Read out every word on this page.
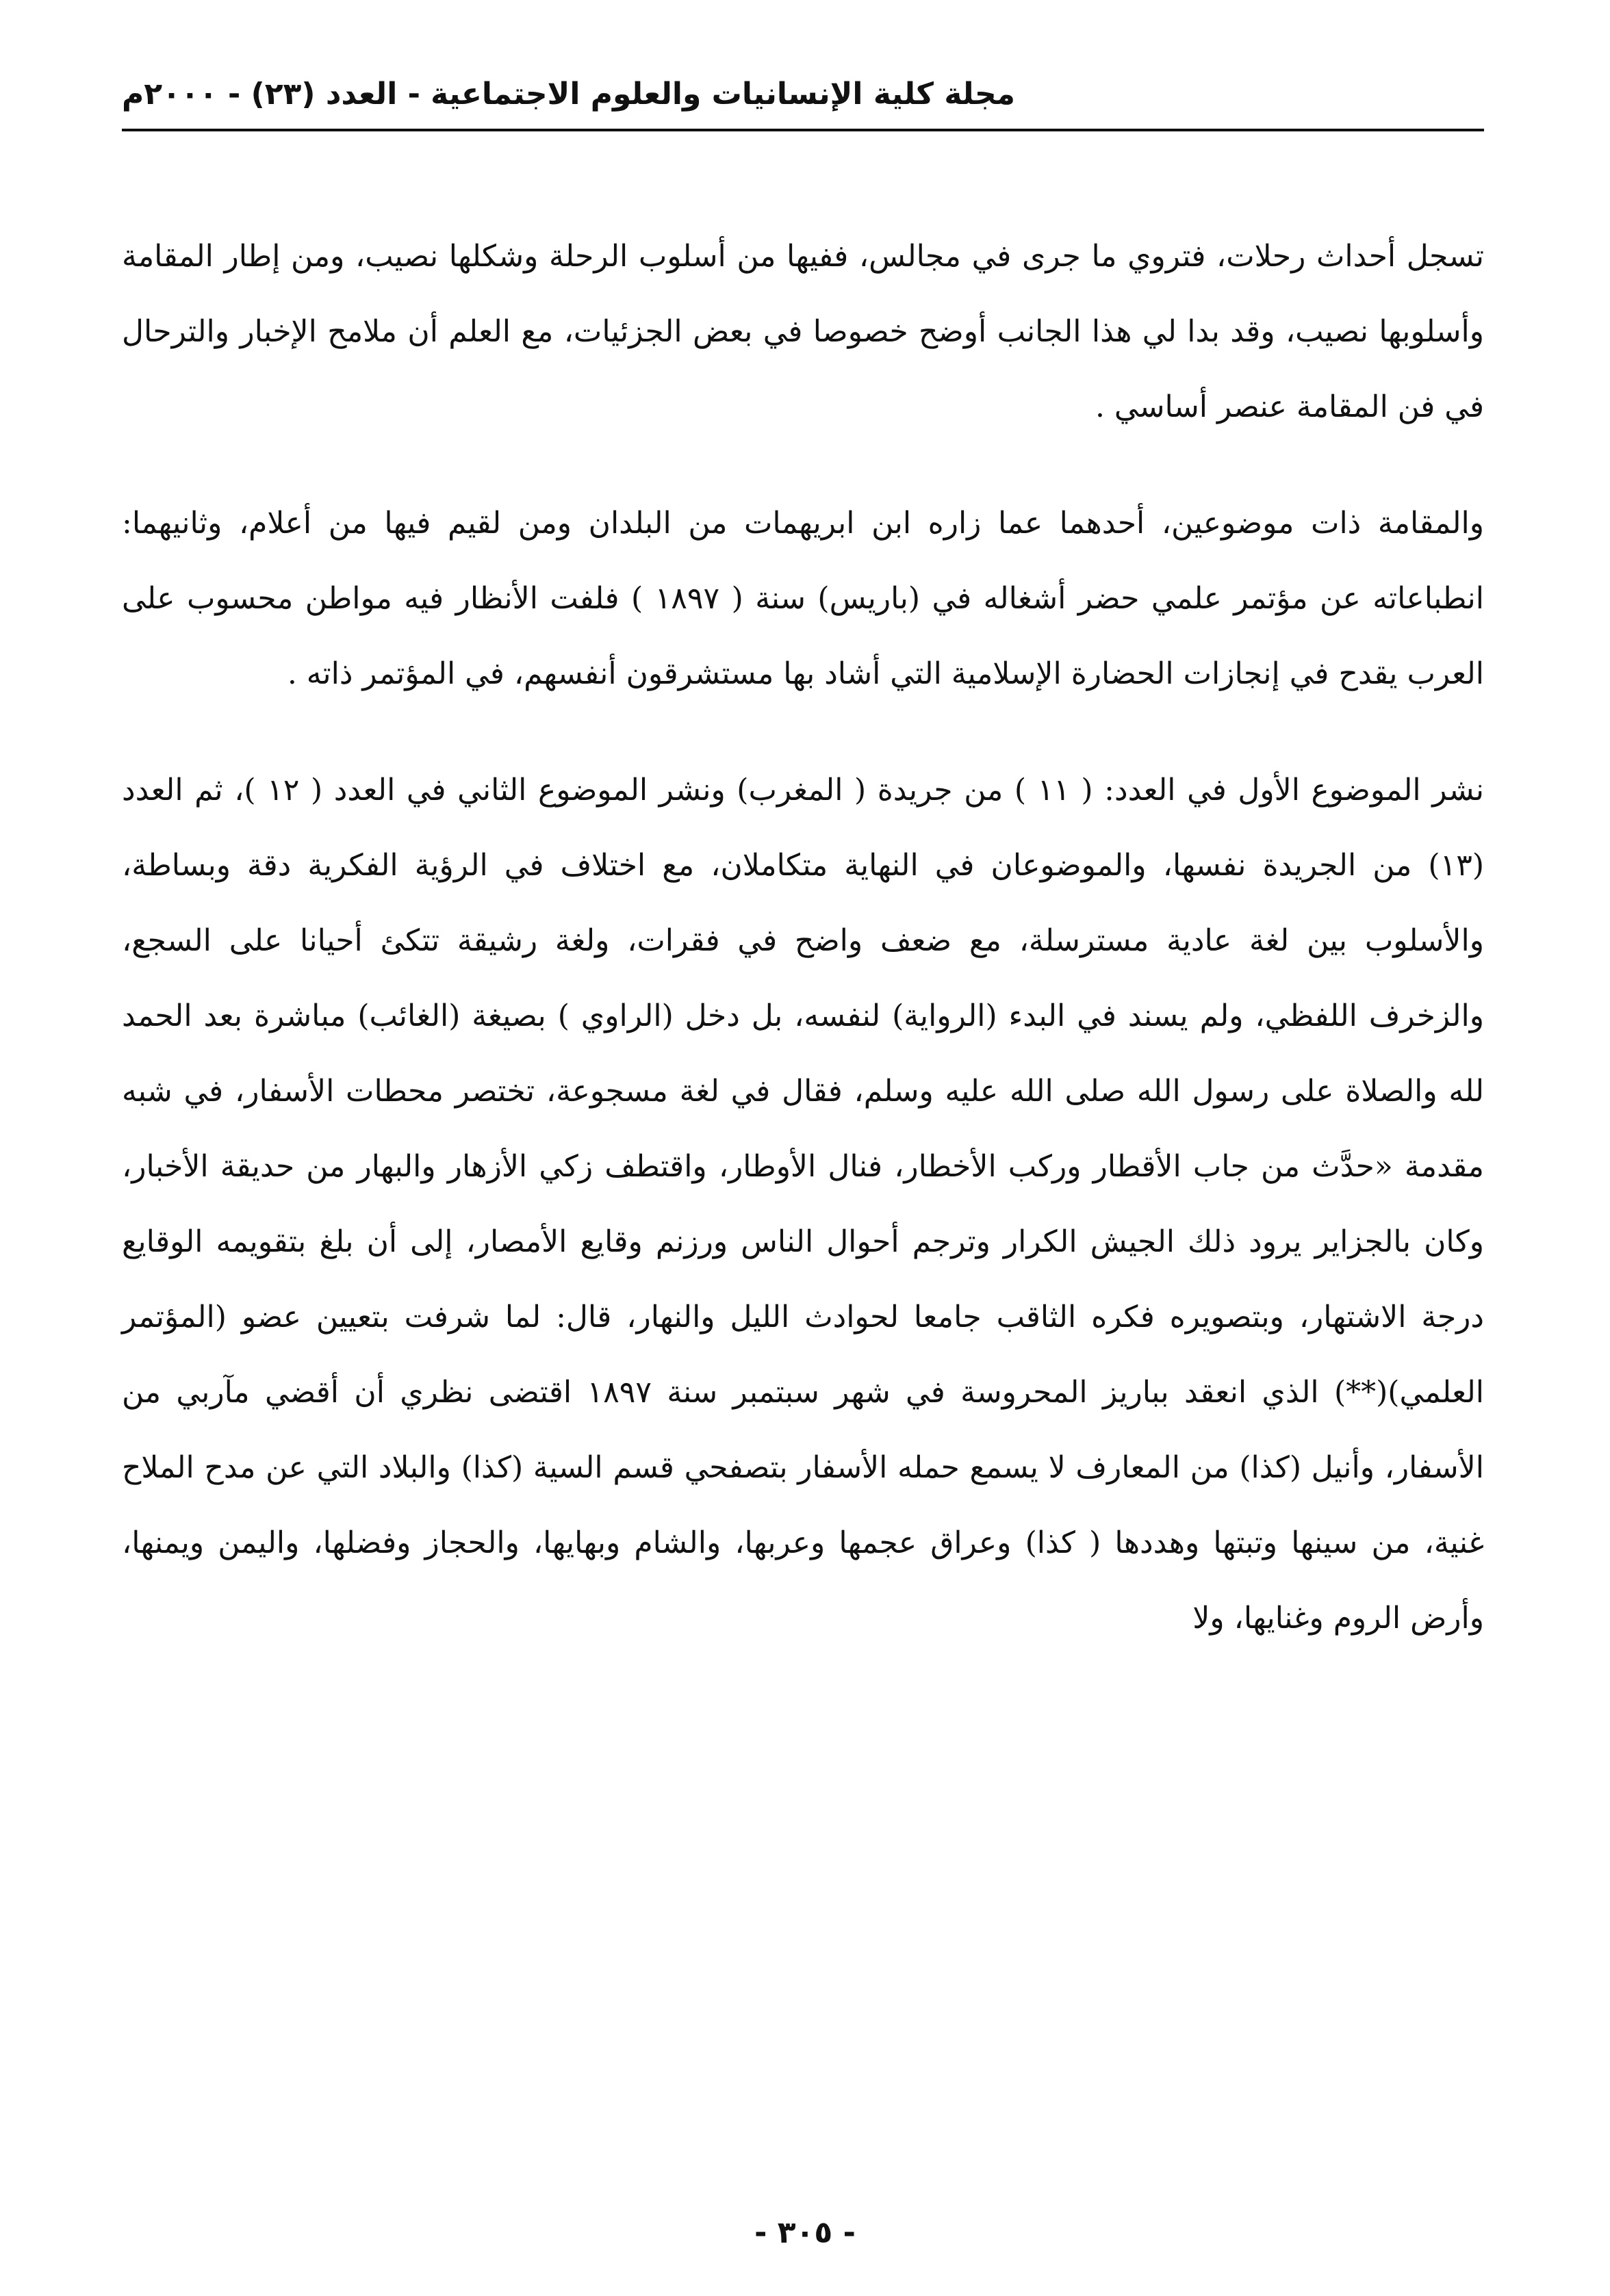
مجلة كلية الإنسانيات والعلوم الاجتماعية - العدد (٢٣) - ٢٠٠٠م

تسجل أحداث رحلات، فتروي ما جرى في مجالس، ففيها من أسلوب الرحلة وشكلها نصيب، ومن إطار المقامة وأسلوبها نصيب، وقد بدا لي هذا الجانب أوضح خصوصا في بعض الجزئيات، مع العلم أن ملامح الإخبار والترحال في فن المقامة عنصر أساسي .

والمقامة ذات موضوعين، أحدهما عما زاره ابن ابريهمات من البلدان ومن لقيم فيها من أعلام، وثانيهما: انطباعاته عن مؤتمر علمي حضر أشغاله في (باريس) سنة ( ١٨٩٧ ) فلفت الأنظار فيه مواطن محسوب على العرب يقدح في إنجازات الحضارة الإسلامية التي أشاد بها مستشرقون أنفسهم، في المؤتمر ذاته .

نشر الموضوع الأول في العدد: ( ١١ ) من جريدة ( المغرب) ونشر الموضوع الثاني في العدد ( ١٢ )، ثم العدد (١٣) من الجريدة نفسها، والموضوعان في النهاية متكاملان، مع اختلاف في الرؤية الفكرية دقة وبساطة، والأسلوب بين لغة عادية مسترسلة، مع ضعف واضح في فقرات، ولغة رشيقة تتكئ أحيانا على السجع، والزخرف اللفظي، ولم يسند في البدء (الرواية) لنفسه، بل دخل (الراوي ) بصيغة (الغائب) مباشرة بعد الحمد لله والصلاة على رسول الله صلى الله عليه وسلم، فقال في لغة مسجوعة، تختصر محطات الأسفار، في شبه مقدمة «حدَّث من جاب الأقطار وركب الأخطار، فنال الأوطار، واقتطف زكي الأزهار والبهار من حديقة الأخبار، وكان بالجزاير يرود ذلك الجيش الكرار وترجم أحوال الناس ورزنم وقايع الأمصار، إلى أن بلغ بتقويمه الوقايع درجة الاشتهار، وبتصويره فكره الثاقب جامعا لحوادث الليل والنهار، قال: لما شرفت بتعيين عضو (المؤتمر العلمي)(**) الذي انعقد بباريز المحروسة في شهر سبتمبر سنة ١٨٩٧ اقتضى نظري أن أقضي مآربي من الأسفار، وأنيل (كذا) من المعارف لا يسمع حمله الأسفار بتصفحي قسم السية (كذا) والبلاد التي عن مدح الملاح غنية، من سينها وتبتها وهددها ( كذا) وعراق عجمها وعربها، والشام وبهايها، والحجاز وفضلها، واليمن ويمنها، وأرض الروم وغنايها، ولا

- ٣٠٥ -
